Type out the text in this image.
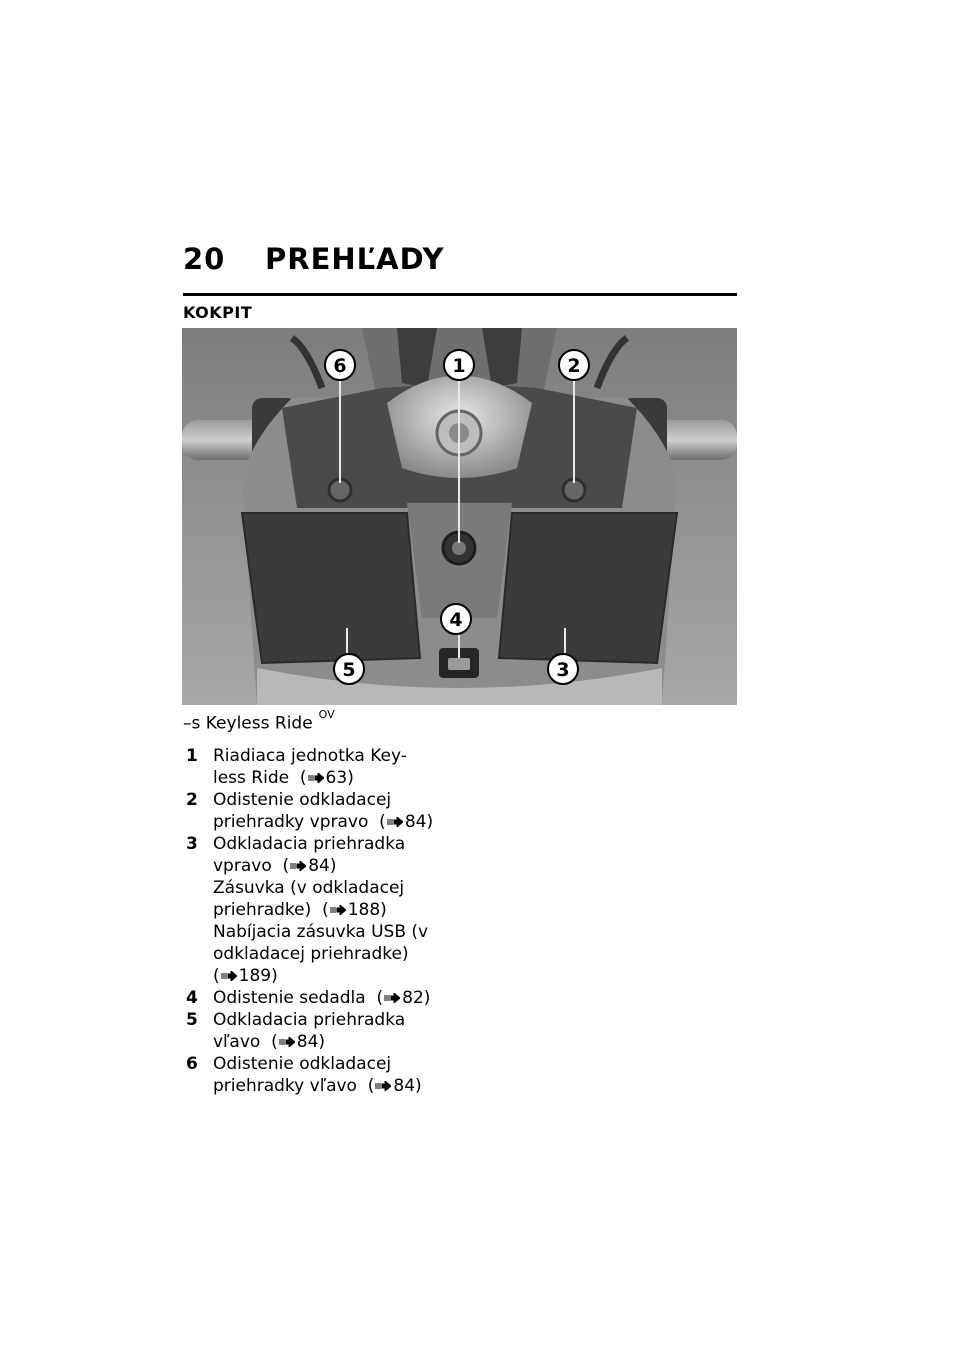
20 PREHĽADY
KOKPIT
6	1	2
4
5	3
–s Keyless Ride $^{OV}$
1 Riadiaca jednotka Key-
less Ride  ( 63)
2 Odistenie odkladacej
priehradky vpravo  ( 84)
3 Odkladacia priehradka
vpravo  ( 84)
Zásuvka (v odkladacej
priehradke)  ( 188)
Nabíjacia zásuvka USB (v
odkladacej priehradke)
( 189)
4 Odistenie sedadla  ( 82)
5 Odkladacia priehradka
vľavo  ( 84)
6 Odistenie odkladacej
priehradky vľavo  ( 84)
